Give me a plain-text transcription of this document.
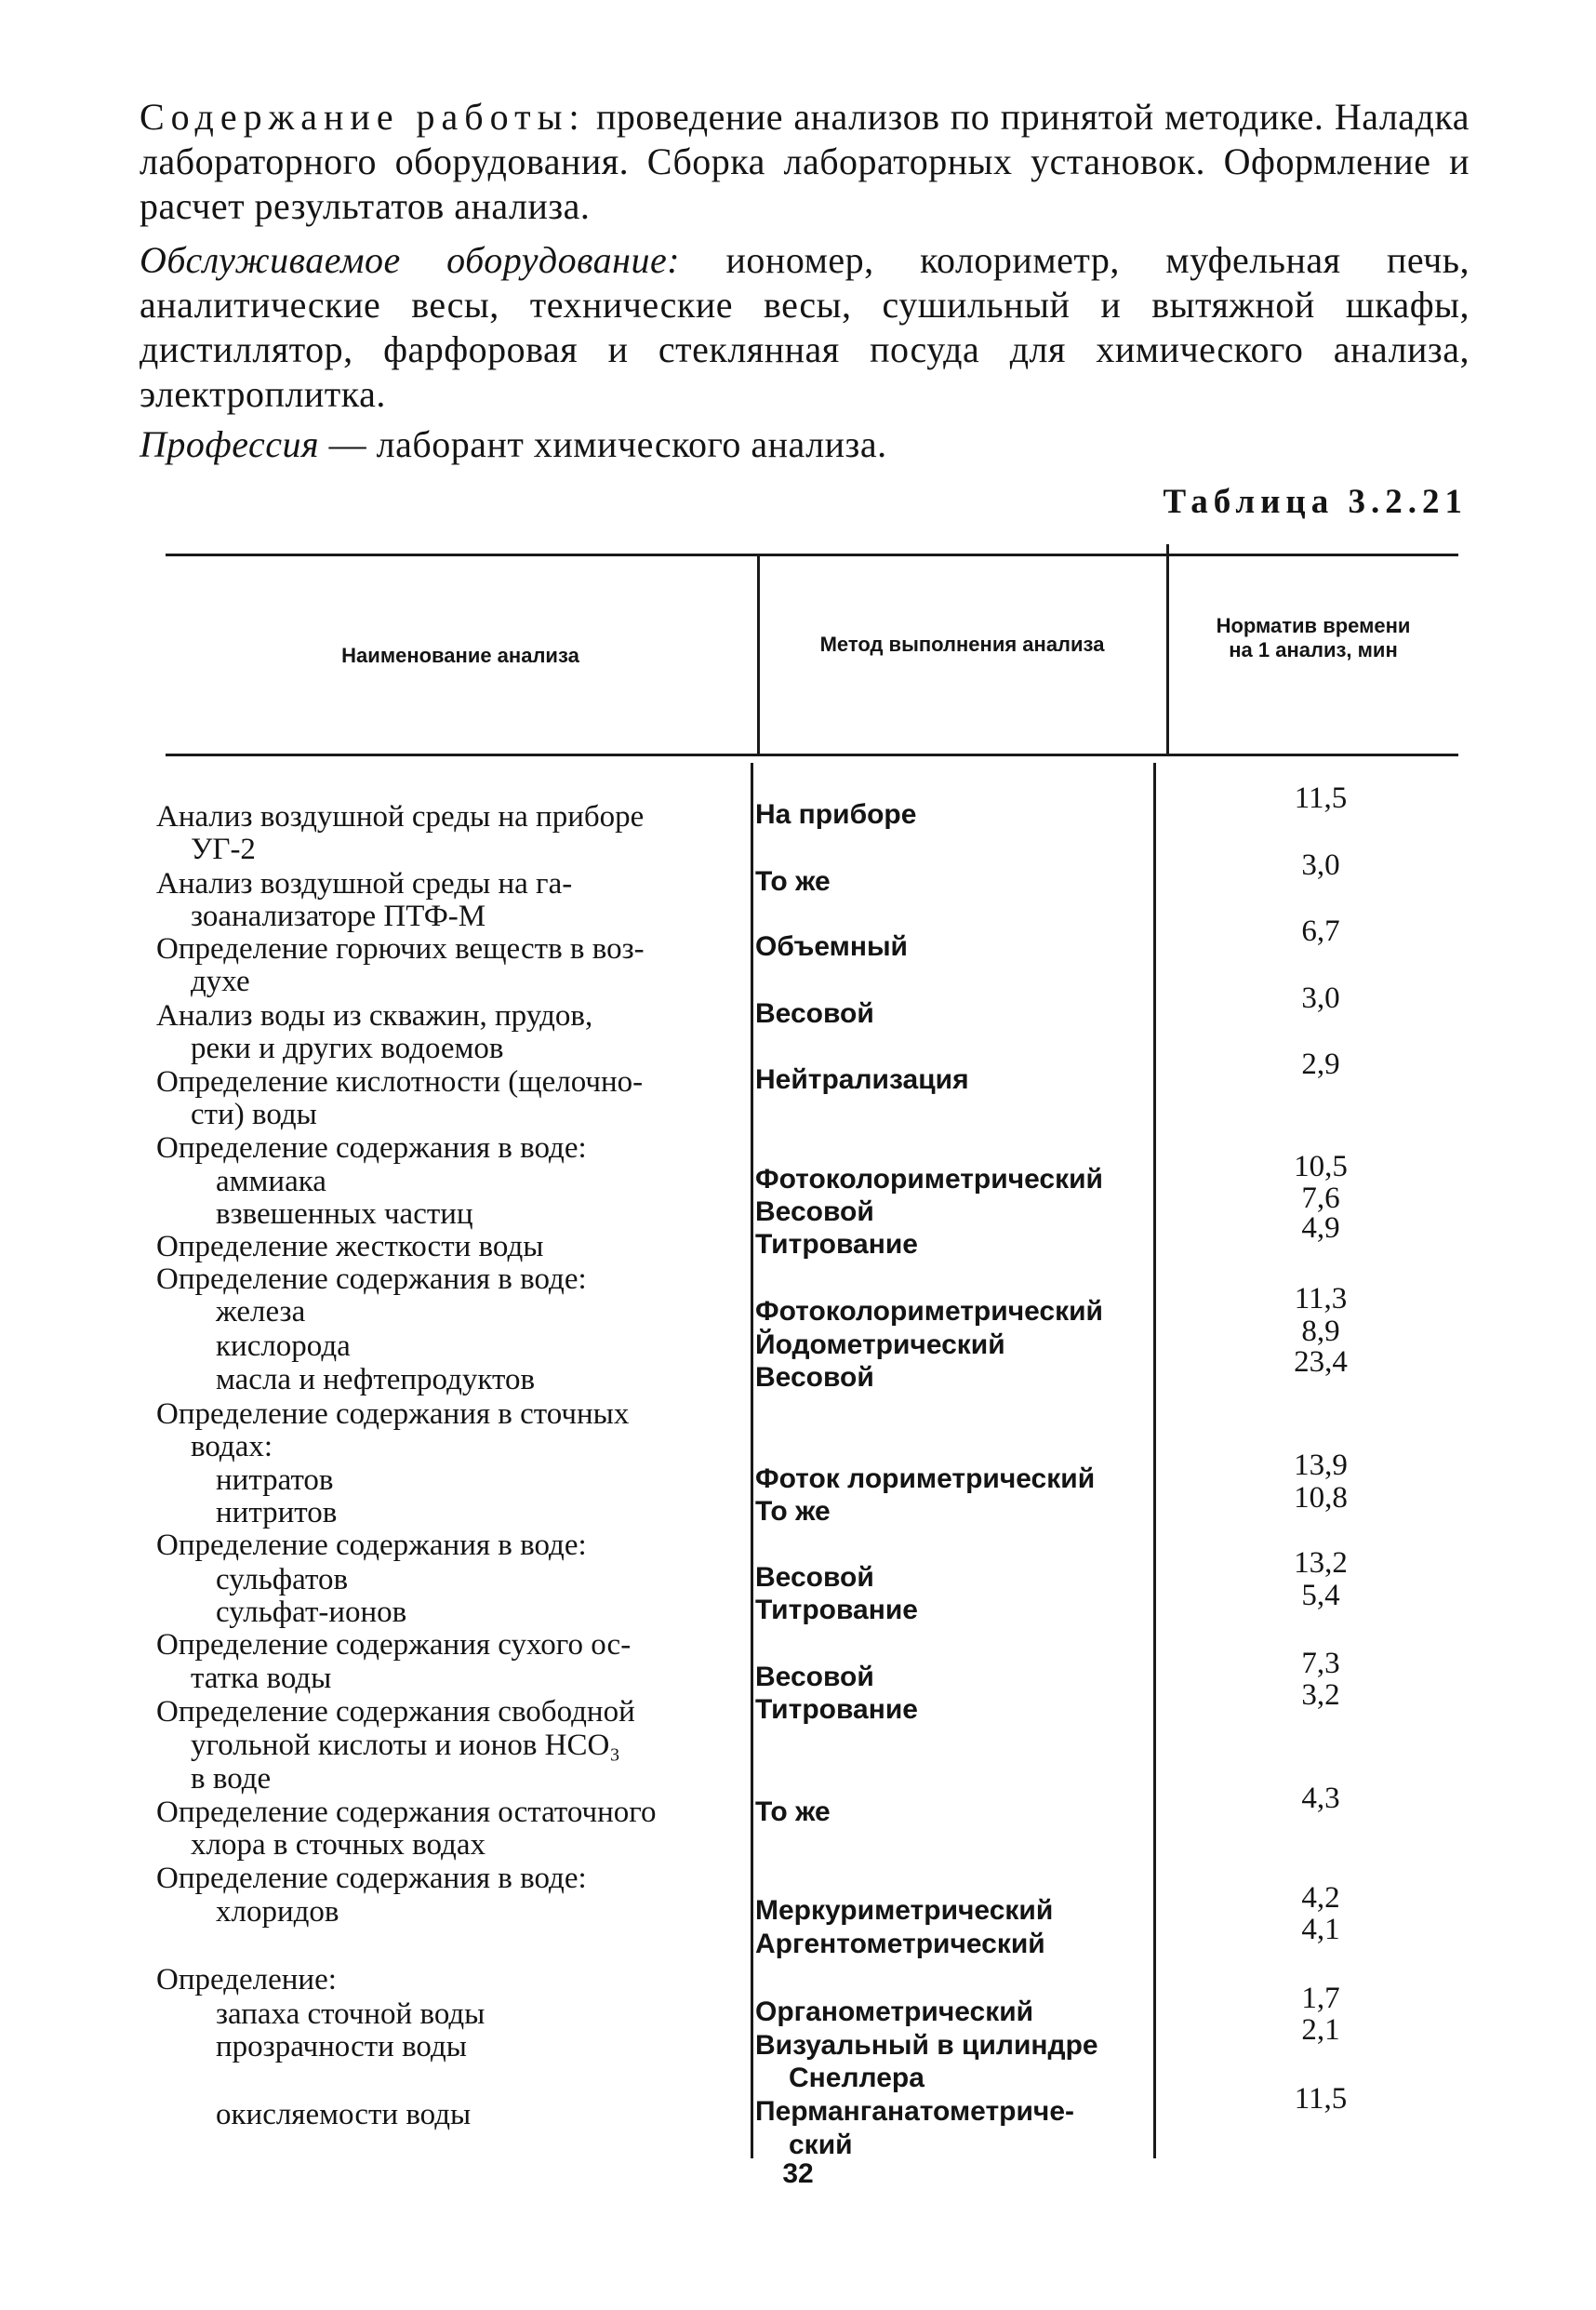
Содержание работы: проведение анализов по принятой методике. Наладка лабораторного оборудования. Сборка лабораторных установок. Оформление и расчет результатов анализа.
Обслуживаемое оборудование: иономер, колориметр, муфельная печь, аналитические весы, технические весы, сушильный и вытяжной шкафы, дистиллятор, фарфоровая и стеклянная посуда для химического анализа, электроплитка.
Профессия — лаборант химического анализа.
Таблица 3.2.21
Наименование анализа	Метод выполнения анализа
Норматив времени
на 1 анализ, мин
Анализ воздушной среды на приборе
УГ-2
Анализ воздушной среды на га-
зоанализаторе ПТФ-М
Определение горючих веществ в воз-
духе
Анализ воды из скважин, прудов,
реки и других водоемов
Определение кислотности (щелочно-
сти) воды
Определение содержания в воде:
аммиака
взвешенных частиц
Определение жесткости воды
Определение содержания в воде:
железа
кислорода
масла и нефтепродуктов
Определение содержания в сточных
водах:
нитратов
нитритов
Определение содержания в воде:
сульфатов
сульфат-ионов
Определение содержания сухого ос-
татка воды
Определение содержания свободной
угольной кислоты и ионов НСО₃
в воде
Определение содержания остаточного
хлора в сточных водах
Определение содержания в воде:
хлоридов
Определение:
запаха сточной воды
прозрачности воды
окисляемости воды
На приборе
То же
Объемный
Весовой
Нейтрализация
Фотоколориметрический
Весовой
Титрование
Фотоколориметрический
Йодометрический
Весовой
Фоток лориметрический
То же
Весовой
Титрование
Весовой
Титрование
То же
Меркуриметрический
Аргентометрический
Органометрический
Визуальный в цилиндре
Снеллера
Перманганатометриче-
ский
11,5
3,0
6,7
3,0
2,9
10,5
7,6
4,9
11,3
8,9
23,4
13,9
10,8
13,2
5,4
7,3
3,2
4,3
4,2
4,1
1,7
2,1
11,5
32
